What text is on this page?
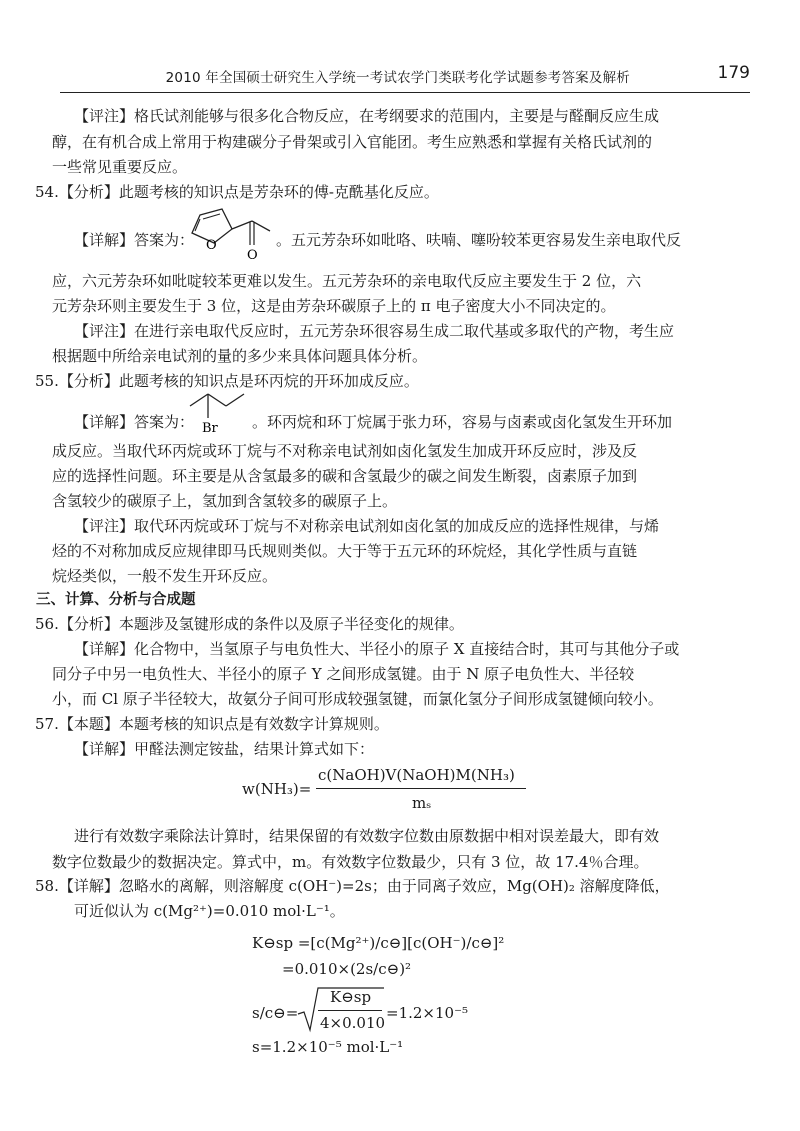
2010 年全国硕士研究生入学统一考试农学门类联考化学试题参考答案及解析	179
【评注】格氏试剂能够与很多化合物反应，在考纲要求的范围内，主要是与醛酮反应生成
醇，在有机合成上常用于构建碳分子骨架或引入官能团。考生应熟悉和掌握有关格氏试剂的
一些常见重要反应。
54.【分析】此题考核的知识点是芳杂环的傅-克酰基化反应。
【详解】答案为： O
O
。五元芳杂环如吡咯、呋喃、噻吩较苯更容易发生亲电取代反
应，六元芳杂环如吡啶较苯更难以发生。五元芳杂环的亲电取代反应主要发生于 2 位，六
元芳杂环则主要发生于 3 位，这是由芳杂环碳原子上的 π 电子密度大小不同决定的。
【评注】在进行亲电取代反应时，五元芳杂环很容易生成二取代基或多取代的产物，考生应
根据题中所给亲电试剂的量的多少来具体问题具体分析。
55.【分析】此题考核的知识点是环丙烷的开环加成反应。
【详解】答案为： Br 。环丙烷和环丁烷属于张力环，容易与卤素或卤化氢发生开环加
成反应。当取代环丙烷或环丁烷与不对称亲电试剂如卤化氢发生加成开环反应时，涉及反
应的选择性问题。环主要是从含氢最多的碳和含氢最少的碳之间发生断裂，卤素原子加到
含氢较少的碳原子上，氢加到含氢较多的碳原子上。
【评注】取代环丙烷或环丁烷与不对称亲电试剂如卤化氢的加成反应的选择性规律，与烯
烃的不对称加成反应规律即马氏规则类似。大于等于五元环的环烷烃，其化学性质与直链
烷烃类似，一般不发生开环反应。
三、计算、分析与合成题
56.【分析】本题涉及氢键形成的条件以及原子半径变化的规律。
【详解】化合物中，当氢原子与电负性大、半径小的原子 X 直接结合时，其可与其他分子或
同分子中另一电负性大、半径小的原子 Y 之间形成氢键。由于 N 原子电负性大、半径较
小，而 Cl 原子半径较大，故氨分子间可形成较强氢键，而氯化氢分子间形成氢键倾向较小。
57.【本题】本题考核的知识点是有效数字计算规则。
【详解】甲醛法测定铵盐，结果计算式如下：
w(NH₃)=
c(NaOH)V(NaOH)M(NH₃)
mₛ
进行有效数字乘除法计算时，结果保留的有效数字位数由原数据中相对误差最大，即有效
数字位数最少的数据决定。算式中，m。有效数字位数最少，只有 3 位，故 17.4％合理。
58.【详解】忽略水的离解，则溶解度 c(OH⁻)=2s；由于同离子效应，Mg(OH)₂ 溶解度降低，
可近似认为 c(Mg²⁺)=0.010 mol·L⁻¹。
K⊖sp =[c(Mg²⁺)/c⊖][c(OH⁻)/c⊖]²
=0.010×(2s/c⊖)²
s/c⊖=
K⊖sp
4×0.010
=1.2×10⁻⁵
s=1.2×10⁻⁵ mol·L⁻¹
